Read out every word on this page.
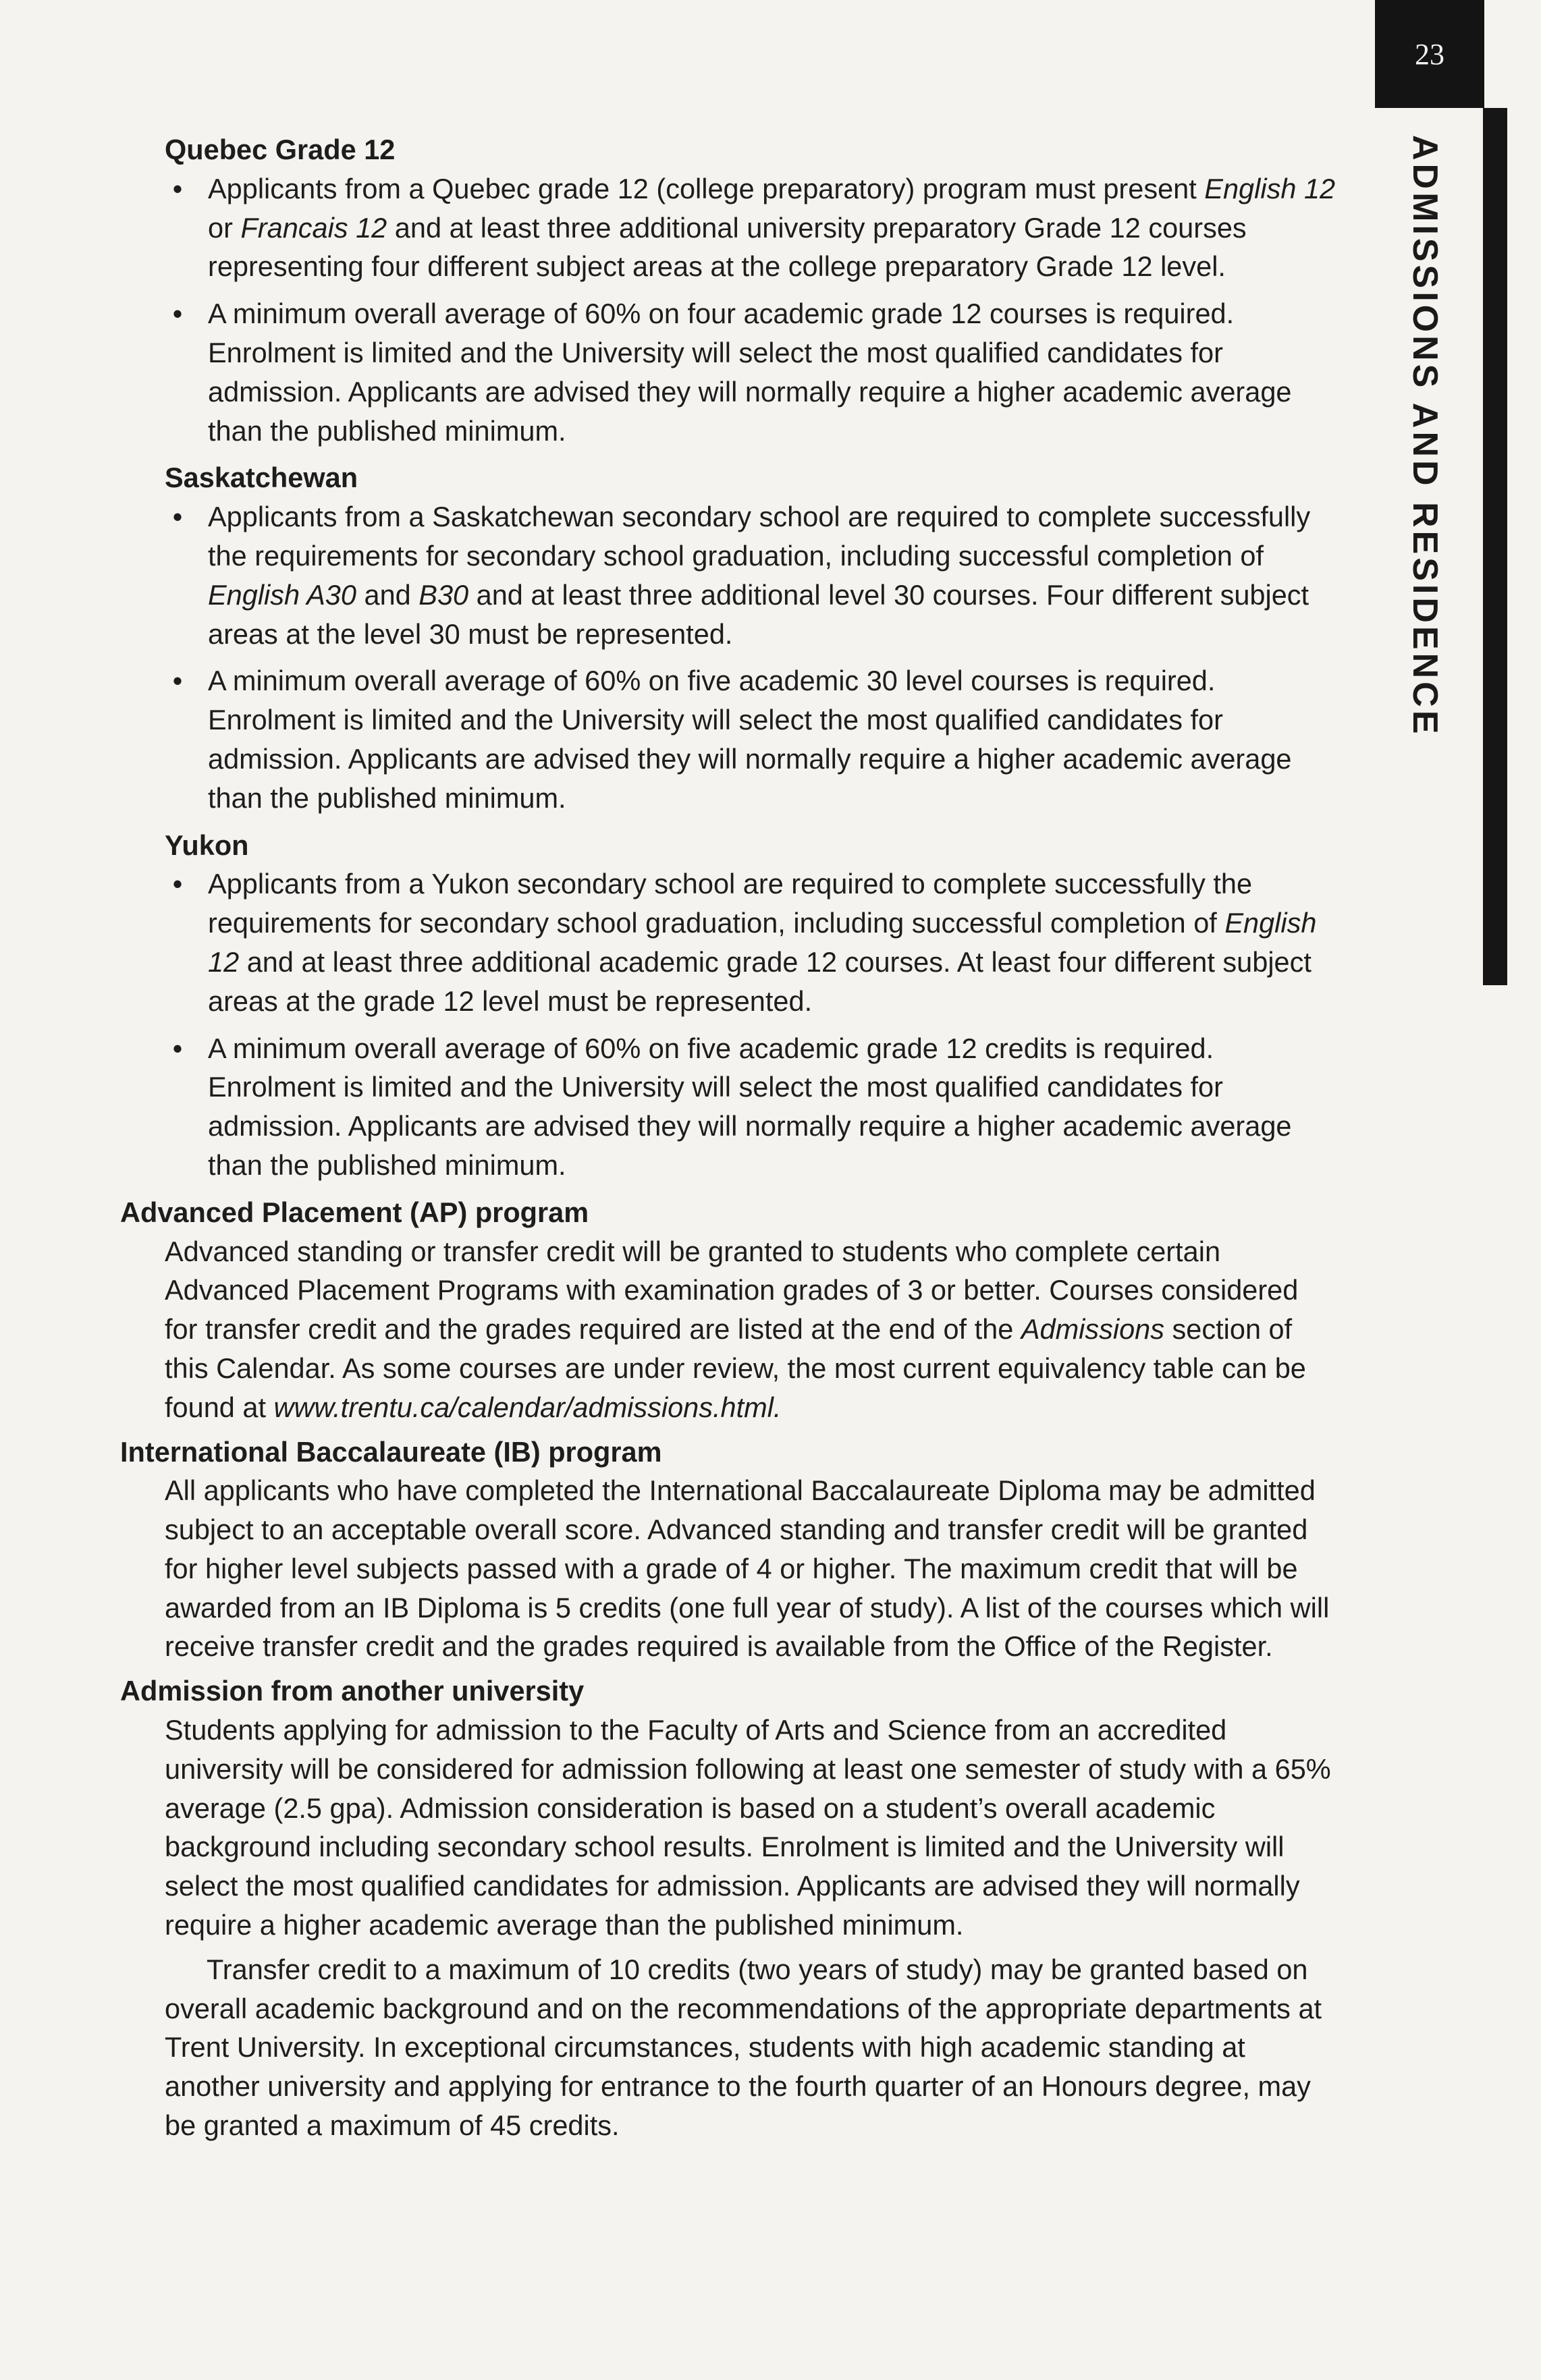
23
ADMISSIONS AND RESIDENCE
Quebec Grade 12
• Applicants from a Quebec grade 12 (college preparatory) program must present English 12 or Francais 12 and at least three additional university preparatory Grade 12 courses representing four different subject areas at the college preparatory Grade 12 level.
• A minimum overall average of 60% on four academic grade 12 courses is required. Enrolment is limited and the University will select the most qualified candidates for admission. Applicants are advised they will normally require a higher academic average than the published minimum.
Saskatchewan
• Applicants from a Saskatchewan secondary school are required to complete successfully the requirements for secondary school graduation, including successful completion of English A30 and B30 and at least three additional level 30 courses. Four different subject areas at the level 30 must be represented.
• A minimum overall average of 60% on five academic 30 level courses is required. Enrolment is limited and the University will select the most qualified candidates for admission. Applicants are advised they will normally require a higher academic average than the published minimum.
Yukon
• Applicants from a Yukon secondary school are required to complete successfully the requirements for secondary school graduation, including successful completion of English 12 and at least three additional academic grade 12 courses. At least four different subject areas at the grade 12 level must be represented.
• A minimum overall average of 60% on five academic grade 12 credits is required. Enrolment is limited and the University will select the most qualified candidates for admission. Applicants are advised they will normally require a higher academic average than the published minimum.
Advanced Placement (AP) program
Advanced standing or transfer credit will be granted to students who complete certain Advanced Placement Programs with examination grades of 3 or better. Courses considered for transfer credit and the grades required are listed at the end of the Admissions section of this Calendar. As some courses are under review, the most current equivalency table can be found at www.trentu.ca/calendar/admissions.html.
International Baccalaureate (IB) program
All applicants who have completed the International Baccalaureate Diploma may be admitted subject to an acceptable overall score. Advanced standing and transfer credit will be granted for higher level subjects passed with a grade of 4 or higher. The maximum credit that will be awarded from an IB Diploma is 5 credits (one full year of study). A list of the courses which will receive transfer credit and the grades required is available from the Office of the Register.
Admission from another university
Students applying for admission to the Faculty of Arts and Science from an accredited university will be considered for admission following at least one semester of study with a 65% average (2.5 gpa). Admission consideration is based on a student’s overall academic background including secondary school results. Enrolment is limited and the University will select the most qualified candidates for admission. Applicants are advised they will normally require a higher academic average than the published minimum.
Transfer credit to a maximum of 10 credits (two years of study) may be granted based on overall academic background and on the recommendations of the appropriate departments at Trent University. In exceptional circumstances, students with high academic standing at another university and applying for entrance to the fourth quarter of an Honours degree, may be granted a maximum of 45 credits.
